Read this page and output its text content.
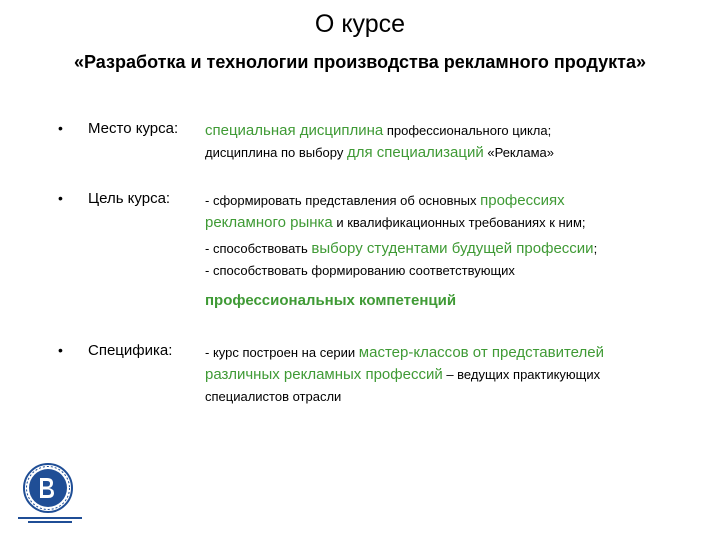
О курсе
«Разработка и технологии производства рекламного продукта»
• Место курса: специальная дисциплина профессионального цикла;
дисциплина по выбору для специализаций «Реклама»
• Цель курса:	- сформировать представления об основных профессиях
рекламного рынка и квалификационных требованиях к ним;
- способствовать выбору студентами будущей профессии;
- способствовать формированию соответствующих
профессиональных компетенций
• Специфика:	- курс построен на серии мастер-классов от представителей
различных рекламных профессий – ведущих практикующих
специалистов отрасли
